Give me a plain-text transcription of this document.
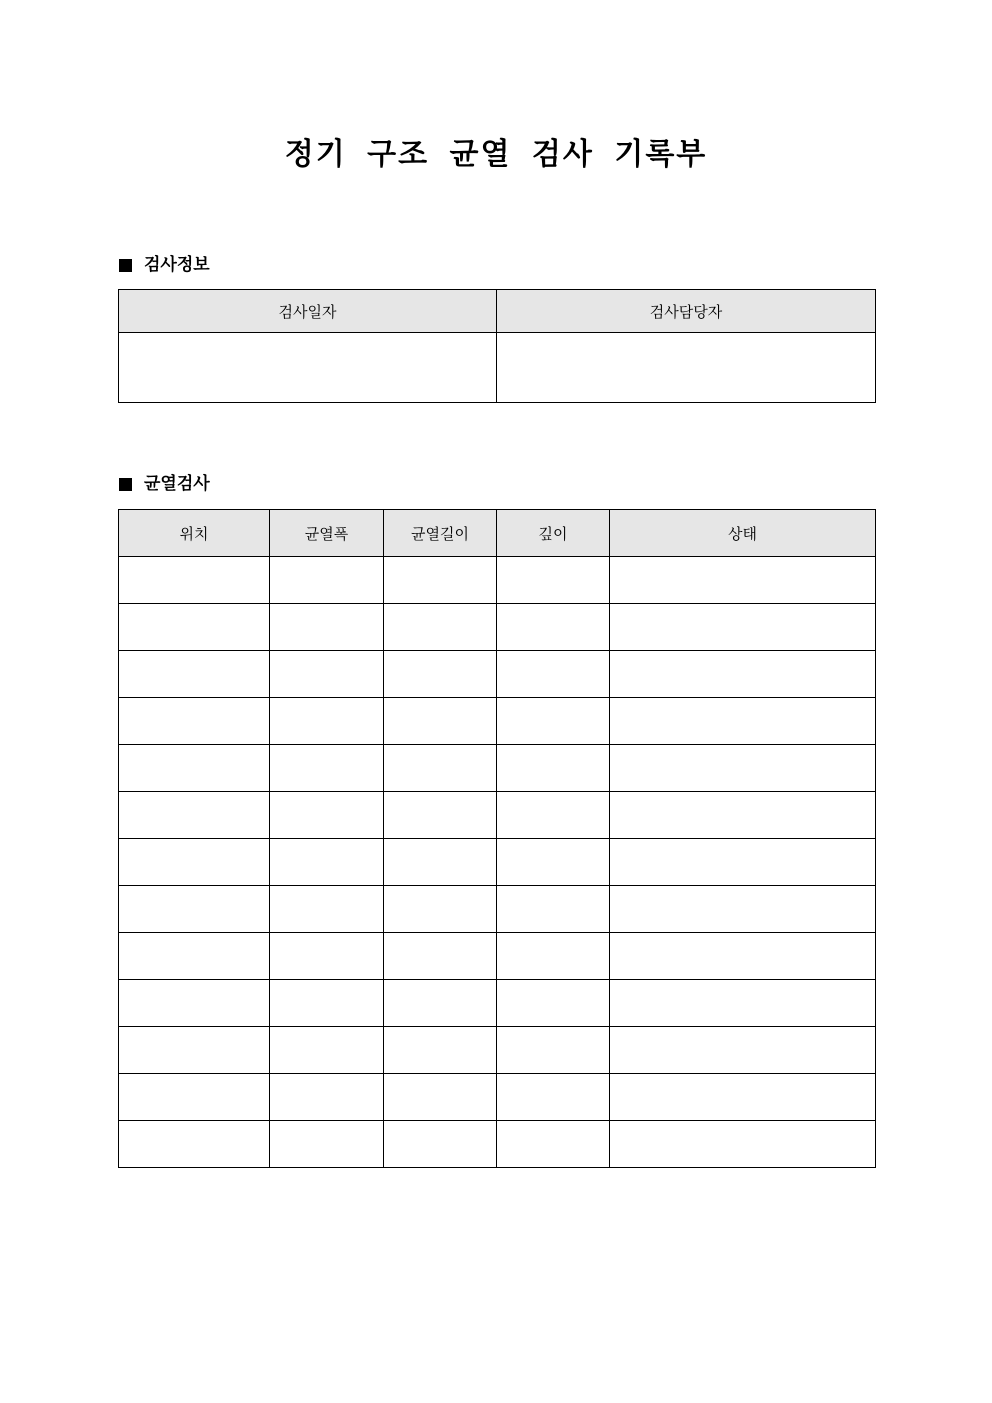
정기 구조 균열 검사 기록부
검사정보
검사일자	검사담당자

균열검사
위치	균열폭	균열길이	깊이	상태
